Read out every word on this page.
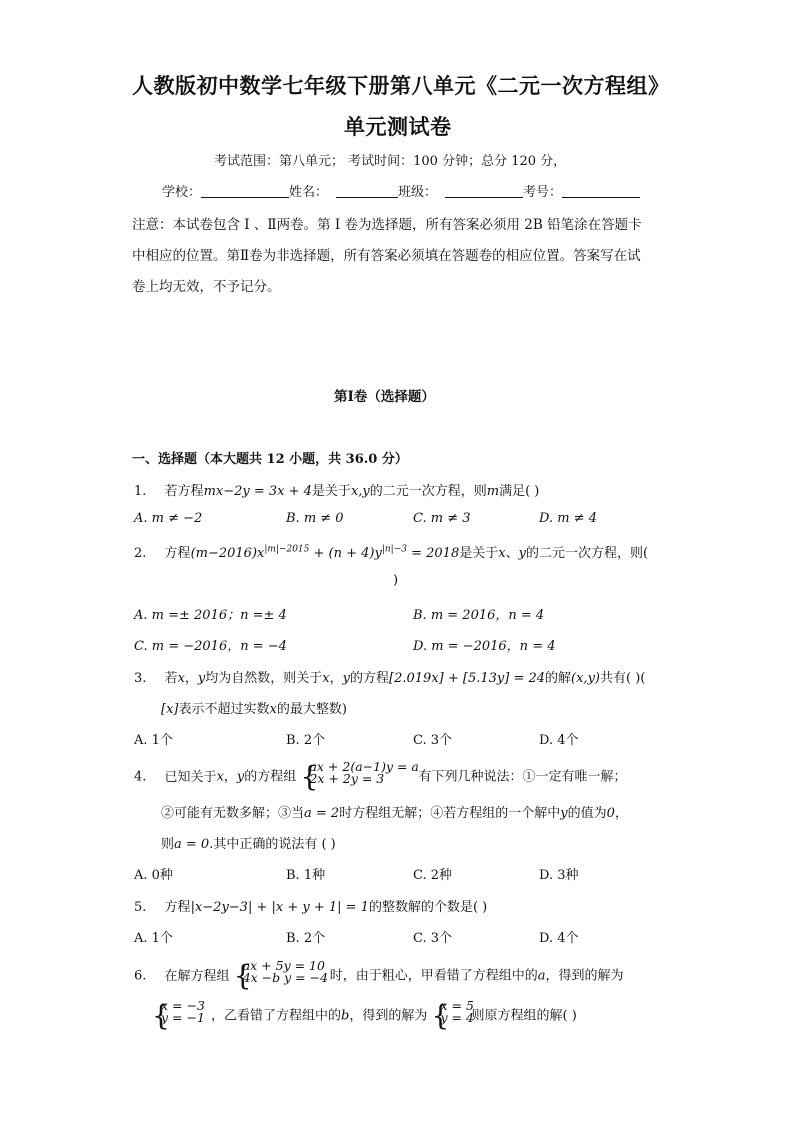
人教版初中数学七年级下册第八单元《二元一次方程组》
单元测试卷
考试范围：第八单元； 考试时间：100 分钟；总分 120 分，
学校：	姓名：	班级：	考号：
注意：本试卷包含 Ⅰ 、Ⅱ两卷。第 Ⅰ 卷为选择题，所有答案必须用 2B 铅笔涂在答题卡
中相应的位置。第Ⅱ卷为非选择题，所有答案必须填在答题卷的相应位置。答案写在试
卷上均无效，不予记分。
第Ⅰ卷（选择题）
一、选择题（本大题共 12 小题，共 36.0 分）
1. 若方程mx−2y = 3x + 4是关于x,y的二元一次方程，则m满足( )
A. m ≠ −2	B. m ≠ 0	C. m ≠ 3	D. m ≠ 4
2. 方程$(m-2016)x^{|m|-2015} + (n + 4)y^{|n|-3} = 2018$是关于x、y的二元一次方程，则(
)
A. m =± 2016；n =± 4	B. m = 2016，n = 4
C. m = −2016，n = −4	D. m = −2016，n = 4
3. 若x，y均为自然数，则关于x，y的方程[2.019x] + [5.13y] = 24的解(x,y)共有( )(
[x]表示不超过实数x的最大整数)
A. 1个	B. 2个	C. 3个	D. 4个
4. 已知关于x，y的方程组 {
ax + 2(a−1)y = a
2x + 2y = 3	有下列几种说法：①一定有唯一解；
②可能有无数多解；③当a = 2时方程组无解；④若方程组的一个解中y的值为0，
则a = 0.其中正确的说法有 ( )
A. 0种	B. 1种	C. 2种	D. 3种
5. 方程|x−2y−3| + |x + y + 1| = 1的整数解的个数是( )
A. 1个	B. 2个	C. 3个	D. 4个
6. 在解方程组 {
ax + 5y = 10
4x −b y = −4 时，由于粗心，甲看错了方程组中的a，得到的解为
{
x = −3
y = −1 ，乙看错了方程组中的b，得到的解为 {
x = 5
y = 4
则原方程组的解( )
